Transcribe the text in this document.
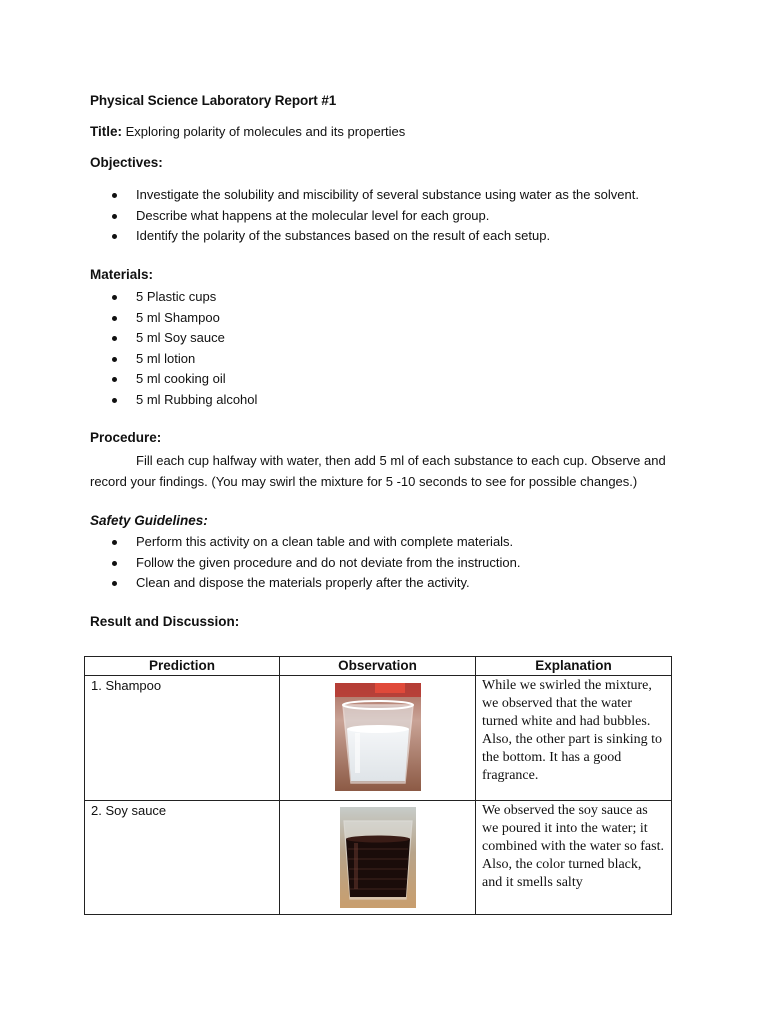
Physical Science Laboratory Report #1
Title: Exploring polarity of molecules and its properties
Objectives:
Investigate the solubility and miscibility of several substance using water as the solvent.
Describe what happens at the molecular level for each group.
Identify the polarity of the substances based on the result of each setup.
Materials:
5 Plastic cups
5 ml Shampoo
5 ml Soy sauce
5 ml lotion
5 ml cooking oil
5 ml Rubbing alcohol
Procedure:
Fill each cup halfway with water, then add 5 ml of each substance to each cup. Observe and record your findings. (You may swirl the mixture for 5 -10 seconds to see for possible changes.)
Safety Guidelines:
Perform this activity on a clean table and with complete materials.
Follow the given procedure and do not deviate from the instruction.
Clean and dispose the materials properly after the activity.
Result and Discussion:
Prediction	Observation	Explanation
1. Shampoo		While we swirled the mixture, we observed that the water turned white and had bubbles. Also, the other part is sinking to the bottom. It has a good fragrance.
2. Soy sauce		We observed the soy sauce as we poured it into the water; it combined with the water so fast. Also, the color turned black, and it smells salty
